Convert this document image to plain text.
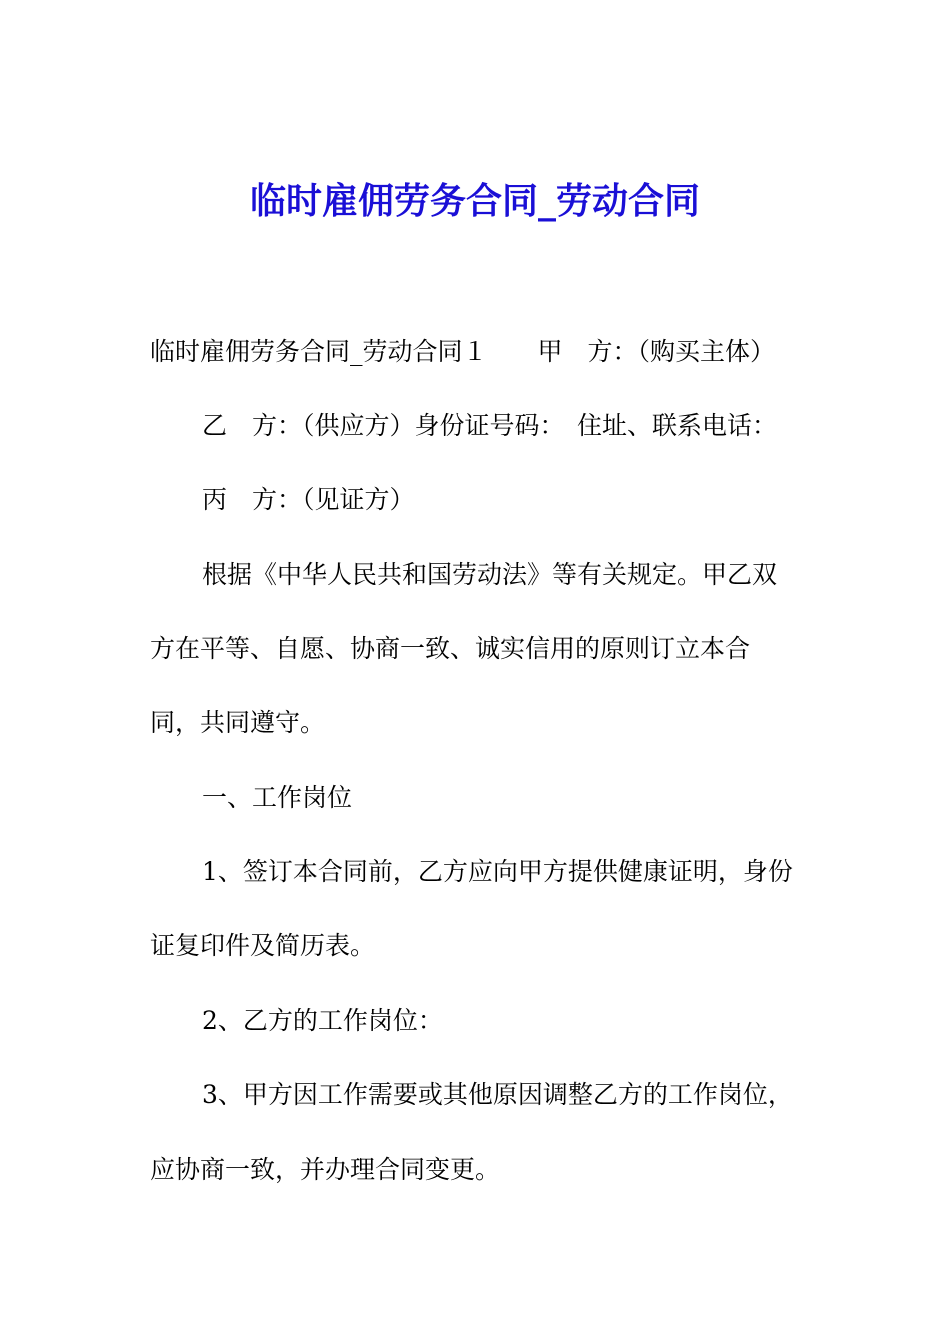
临时雇佣劳务合同_劳动合同

临时雇佣劳务合同_劳动合同１ 甲　方：（购买主体）

乙　方：（供应方）身份证号码：　住址、联系电话：

丙　方：（见证方）

根据《中华人民共和国劳动法》等有关规定。甲乙双

方在平等、自愿、协商一致、诚实信用的原则订立本合

同，共同遵守。

一、工作岗位

1、签订本合同前，乙方应向甲方提供健康证明，身份

证复印件及简历表。

2、乙方的工作岗位：

3、甲方因工作需要或其他原因调整乙方的工作岗位，

应协商一致，并办理合同变更。
